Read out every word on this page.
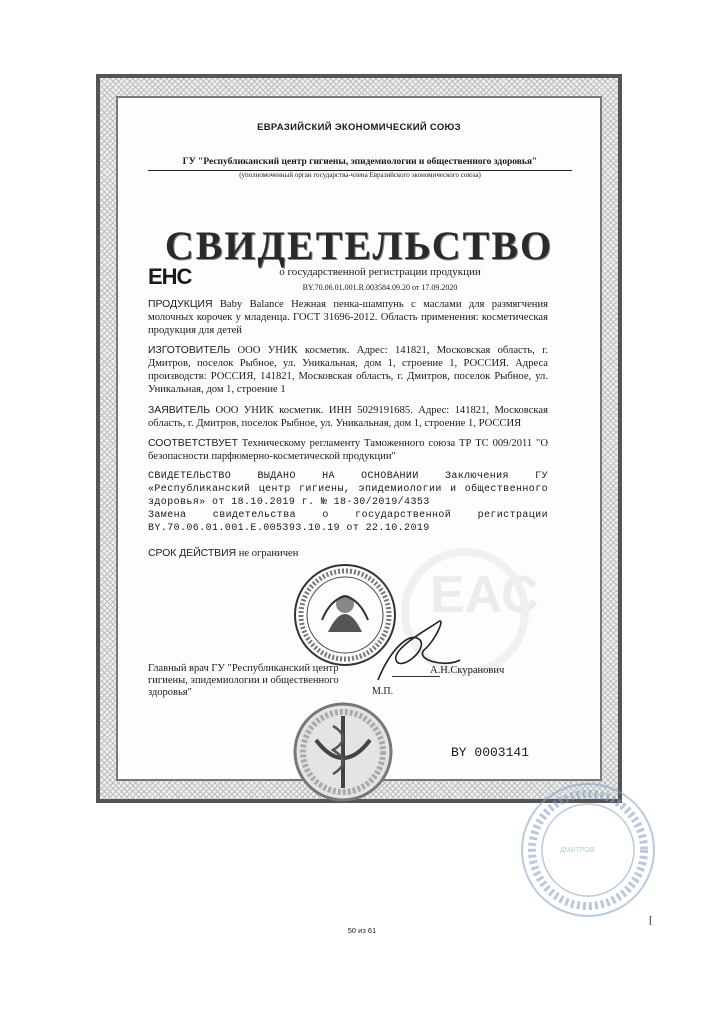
ЕВРАЗИЙСКИЙ ЭКОНОМИЧЕСКИЙ СОЮЗ
ГУ "Республиканский центр гигиены, эпидемиологии и общественного здоровья"
(уполномоченный орган государства-члена Евразийского экономического союза)
СВИДЕТЕЛЬСТВО
ЕНС	о государственной регистрации продукции
BY.70.06.01.001.R.003584.09.20 от 17.09.2020
ПРОДУКЦИЯ Baby Balance Нежная пенка-шампунь с маслами для размягчения молочных корочек у младенца. ГОСТ 31696-2012. Область применения: косметическая продукция для детей
ИЗГОТОВИТЕЛЬ ООО УНИК косметик. Адрес: 141821, Московская область, г. Дмитров, поселок Рыбное, ул. Уникальная, дом 1, строение 1, РОССИЯ. Адреса производств: РОССИЯ, 141821, Московская область, г. Дмитров, поселок Рыбное, ул. Уникальная, дом 1, строение 1
ЗАЯВИТЕЛЬ ООО УНИК косметик. ИНН 5029191685. Адрес: 141821, Московская область, г. Дмитров, поселок Рыбное, ул. Уникальная, дом 1, строение 1, РОССИЯ
СООТВЕТСТВУЕТ Техническому регламенту Таможенного союза ТР ТС 009/2011 "О безопасности парфюмерно-косметической продукции"
СВИДЕТЕЛЬСТВО ВЫДАНО НА ОСНОВАНИИ Заключения ГУ «Республиканский центр гигиены, эпидемиологии и общественного здоровья» от 18.10.2019 г. № 18-30/2019/4353
Замена свидетельства о государственной регистрации BY.70.06.01.001.E.005393.10.19 от 22.10.2019
СРОК ДЕЙСТВИЯ не ограничен
ЕАС
ДМИТРОВ
Главный врач ГУ "Республиканский центр гигиены, эпидемиологии и общественного здоровья"	М.П.
А.Н.Скуранович
BY 0003141
50 из 61
[
